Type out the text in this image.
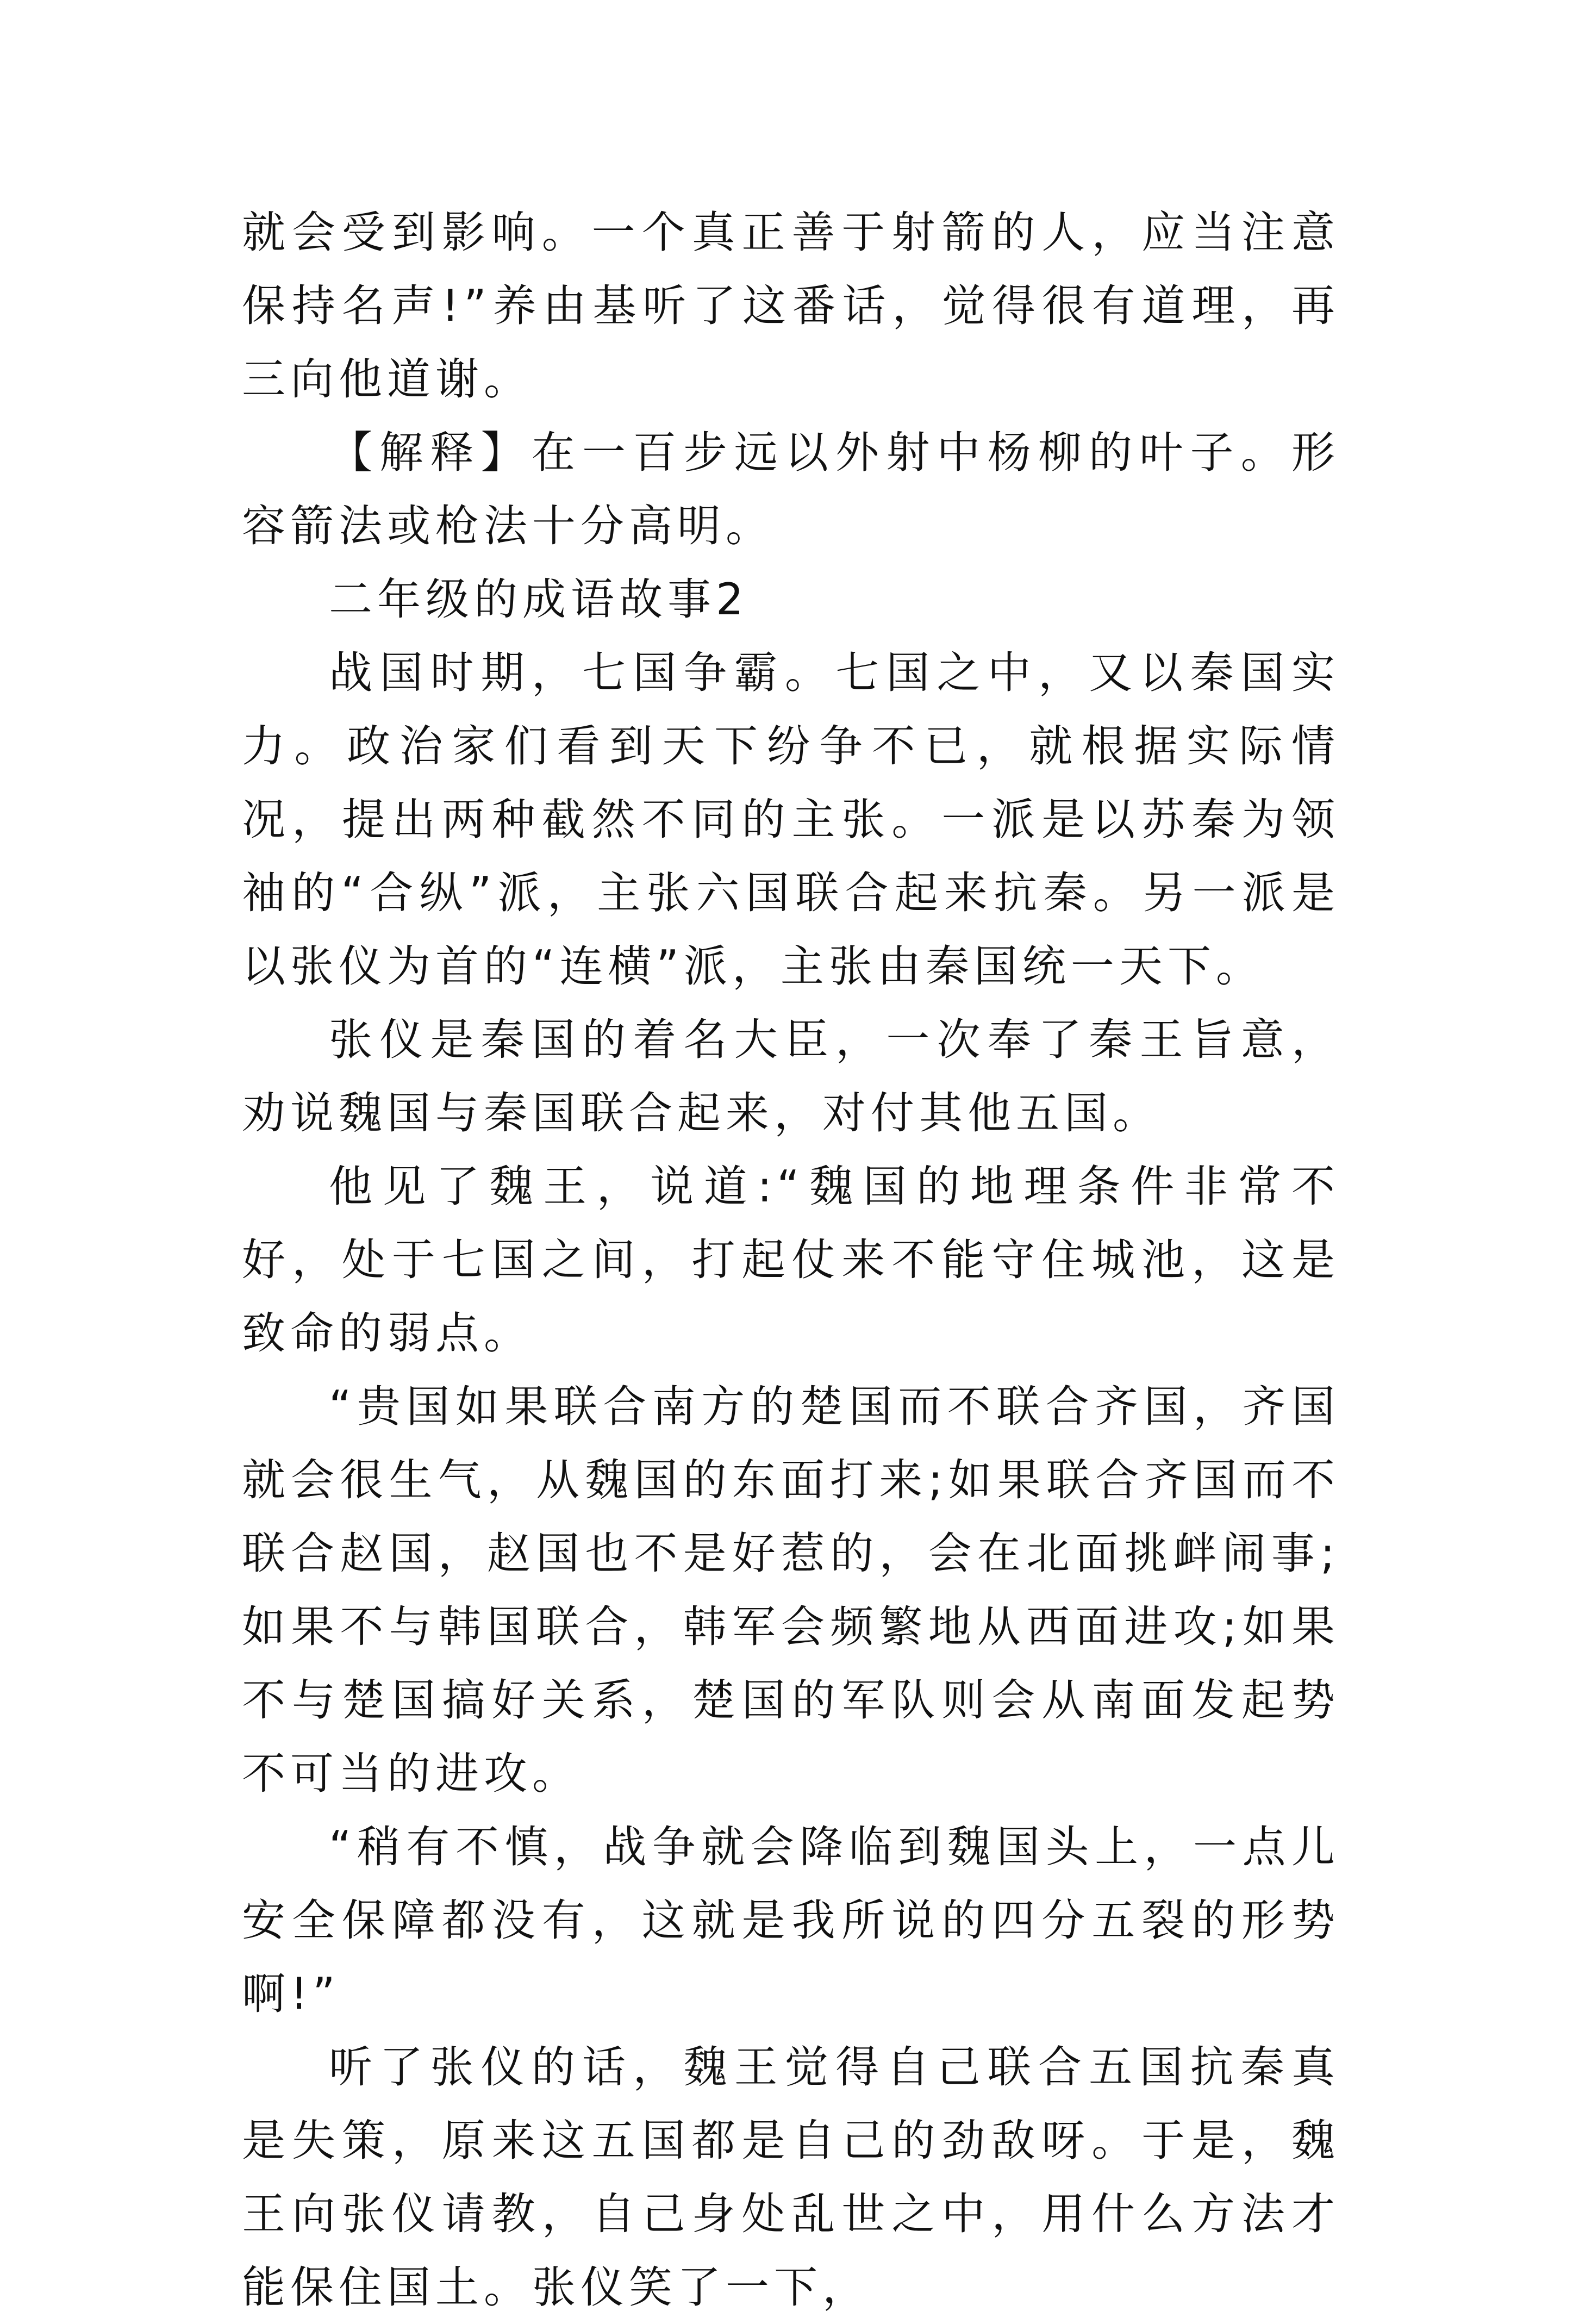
就会受到影响。一个真正善于射箭的人，应当注意保持名声!”养由基听了这番话，觉得很有道理，再三向他道谢。

【解释】在一百步远以外射中杨柳的叶子。形容箭法或枪法十分高明。

二年级的成语故事2

战国时期，七国争霸。七国之中，又以秦国实力。政治家们看到天下纷争不已，就根据实际情况，提出两种截然不同的主张。一派是以苏秦为领袖的“合纵”派，主张六国联合起来抗秦。另一派是以张仪为首的“连横”派，主张由秦国统一天下。

张仪是秦国的着名大臣，一次奉了秦王旨意，劝说魏国与秦国联合起来，对付其他五国。

他见了魏王，说道:“魏国的地理条件非常不好，处于七国之间，打起仗来不能守住城池，这是致命的弱点。

“贵国如果联合南方的楚国而不联合齐国，齐国就会很生气，从魏国的东面打来;如果联合齐国而不联合赵国，赵国也不是好惹的，会在北面挑衅闹事;如果不与韩国联合，韩军会频繁地从西面进攻;如果不与楚国搞好关系，楚国的军队则会从南面发起势不可当的进攻。

“稍有不慎，战争就会降临到魏国头上，一点儿安全保障都没有，这就是我所说的四分五裂的形势啊!”

听了张仪的话，魏王觉得自己联合五国抗秦真是失策，原来这五国都是自己的劲敌呀。于是，魏王向张仪请教，自己身处乱世之中，用什么方法才能保住国土。张仪笑了一下，
